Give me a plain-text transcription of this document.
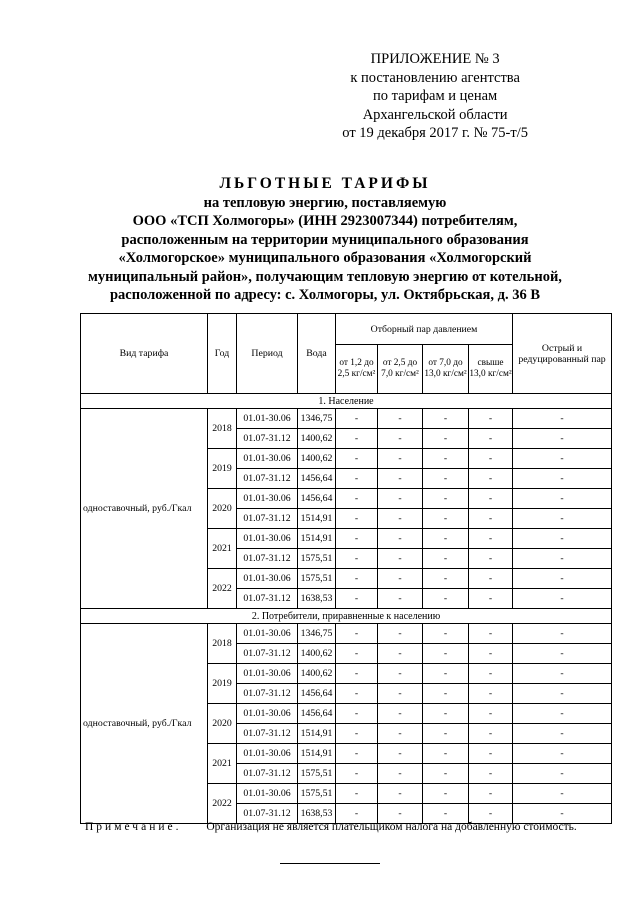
ПРИЛОЖЕНИЕ № 3
к постановлению агентства
по тарифам и ценам
Архангельской области
от 19 декабря 2017 г. № 75-т/5
ЛЬГОТНЫЕ ТАРИФЫ
на тепловую энергию, поставляемую
ООО «ТСП Холмогоры» (ИНН 2923007344) потребителям,
расположенным на территории муниципального образования
«Холмогорское» муниципального образования «Холмогорский
муниципальный район», получающим тепловую энергию от котельной,
расположенной по адресу: с. Холмогоры, ул. Октябрьская, д. 36 В
Вид тарифа	Год	Период	Вода	Отборный пар давлением				Острый и редуцированный пар
				от 1,2 до 2,5 кг/см²	от 2,5 до 7,0 кг/см²	от 7,0 до 13,0 кг/см²	свыше 13,0 кг/см²	
1. Население								
одноставочный, руб./Гкал	2018	01.01-30.06	1346,75	-	-	-	-	-
		01.07-31.12	1400,62	-	-	-	-	-
	2019	01.01-30.06	1400,62	-	-	-	-	-
		01.07-31.12	1456,64	-	-	-	-	-
	2020	01.01-30.06	1456,64	-	-	-	-	-
		01.07-31.12	1514,91	-	-	-	-	-
	2021	01.01-30.06	1514,91	-	-	-	-	-
		01.07-31.12	1575,51	-	-	-	-	-
	2022	01.01-30.06	1575,51	-	-	-	-	-
		01.07-31.12	1638,53	-	-	-	-	-
2. Потребители, приравненные к населению								
одноставочный, руб./Гкал	2018	01.01-30.06	1346,75	-	-	-	-	-
		01.07-31.12	1400,62	-	-	-	-	-
	2019	01.01-30.06	1400,62	-	-	-	-	-
		01.07-31.12	1456,64	-	-	-	-	-
	2020	01.01-30.06	1456,64	-	-	-	-	-
		01.07-31.12	1514,91	-	-	-	-	-
	2021	01.01-30.06	1514,91	-	-	-	-	-
		01.07-31.12	1575,51	-	-	-	-	-
	2022	01.01-30.06	1575,51	-	-	-	-	-
		01.07-31.12	1638,53	-	-	-	-	-
Примечание. Организация не является плательщиком налога на добавленную стоимость.
